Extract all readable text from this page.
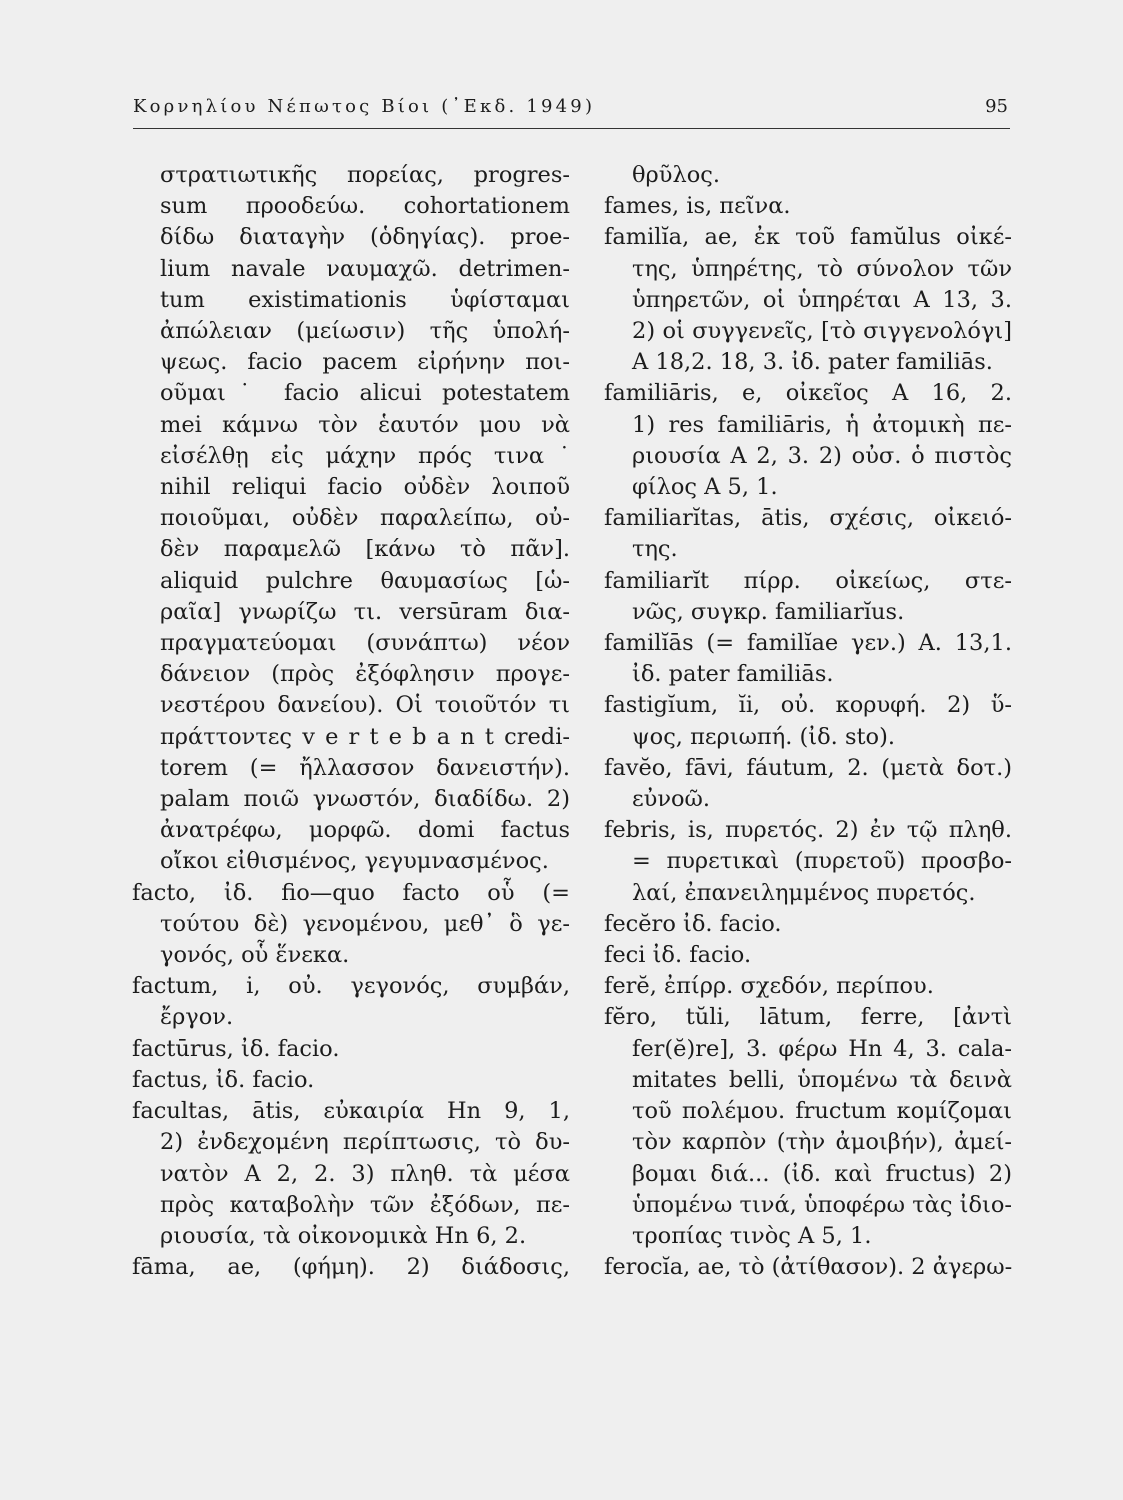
Κορνηλίου Νέπωτος Βίοι (᾿Εκδ. 1949)	95
στρατιωτικῆς πορείας, progres-
sum προοδεύω. cohortationem
δίδω διαταγὴν (ὁδηγίας). proe-
lium navale ναυμαχῶ. detrimen-
tum existimationis ὑφίσταμαι
ἀπώλειαν (μείωσιν) τῆς ὑπολή-
ψεως. facio pacem εἰρήνην ποι-
οῦμαι˙ facio alicui potestatem
mei κάμνω τὸν ἑαυτόν μου νὰ
εἰσέλθῃ εἰς μάχην πρός τινα˙
nihil reliqui facio οὐδὲν λοιποῦ
ποιοῦμαι, οὐδὲν παραλείπω, οὐ-
δὲν παραμελῶ [κάνω τὸ πᾶν].
aliquid pulchre θαυμασίως [ὡ-
ραῖα] γνωρίζω τι. versūram δια-
πραγματεύομαι (συνάπτω) νέον
δάνειον (πρὸς ἐξόφλησιν προγε-
νεστέρου δανείου). Οἱ τοιοῦτόν τι
πράττοντες v e r t e b a n t credi-
torem (= ἤλλασσον δανειστήν).
palam ποιῶ γνωστόν, διαδίδω. 2)
ἀνατρέφω, μορφῶ. domi factus
οἴκοι εἰθισμένος, γεγυμνασμένος.
facto, ἰδ. fio—quo facto οὗ (=
τούτου δὲ) γενομένου, μεθ᾿ ὃ γε-
γονός, οὗ ἕνεκα.
factum, i, οὐ. γεγονός, συμβάν,
ἔργον.
factūrus, ἰδ. facio.
factus, ἰδ. facio.
facultas, ātis, εὐκαιρία Hn 9, 1,
2) ἐνδεχομένη περίπτωσις, τὸ δυ-
νατὸν A 2, 2. 3) πληθ. τὰ μέσα
πρὸς καταβολὴν τῶν ἐξόδων, πε-
ριουσία, τὰ οἰκονομικὰ Hn 6, 2.
fāma, ae, (φήμη). 2) διάδοσις,
θρῦλος.
fames, is, πεῖνα.
familĭa, ae, ἐκ τοῦ famŭlus οἰκέ-
της, ὑπηρέτης, τὸ σύνολον τῶν
ὑπηρετῶν, οἱ ὑπηρέται A 13, 3.
2) οἱ συγγενεῖς, [τὸ σιγγενολόγι]
A 18,2. 18, 3. ἰδ. pater familiās.
familiāris, e, οἰκεῖος A 16, 2.
1) res familiāris, ἡ ἀτομικὴ πε-
ριουσία A 2, 3. 2) οὐσ. ὁ πιστὸς
φίλος A 5, 1.
familiarĭtas, ātis, σχέσις, οἰκειό-
της.
familiarĭt πίρρ. οἰκείως, στε-
νῶς, συγκρ. familiarĭus.
familĭās (= familĭae γεν.) A. 13,1.
ἰδ. pater familiās.
fastigĭum, ĭi, οὐ. κορυφή. 2) ὕ-
ψος, περιωπή. (ἰδ. sto).
favĕo, fāvi, fáutum, 2. (μετὰ δοτ.)
εὐνοῶ.
febris, is, πυρετός. 2) ἐν τῷ πληθ.
= πυρετικαὶ (πυρετοῦ) προσβο-
λαί, ἐπανειλημμένος πυρετός.
fecĕro ἰδ. facio.
feci ἰδ. facio.
ferĕ, ἐπίρρ. σχεδόν, περίπου.
fĕro, tŭli, lātum, ferre, [ἀντὶ
fer(ĕ)re], 3. φέρω Hn 4, 3. cala-
mitates belli, ὑπομένω τὰ δεινὰ
τοῦ πολέμου. fructum κομίζομαι
τὸν καρπὸν (τὴν ἀμοιβήν), ἀμεί-
βομαι διά... (ἰδ. καὶ fructus) 2)
ὑπομένω τινά, ὑποφέρω τὰς ἰδιο-
τροπίας τινὸς A 5, 1.
ferocĭa, ae, τὸ (ἀτίθασον). 2 ἀγερω-
